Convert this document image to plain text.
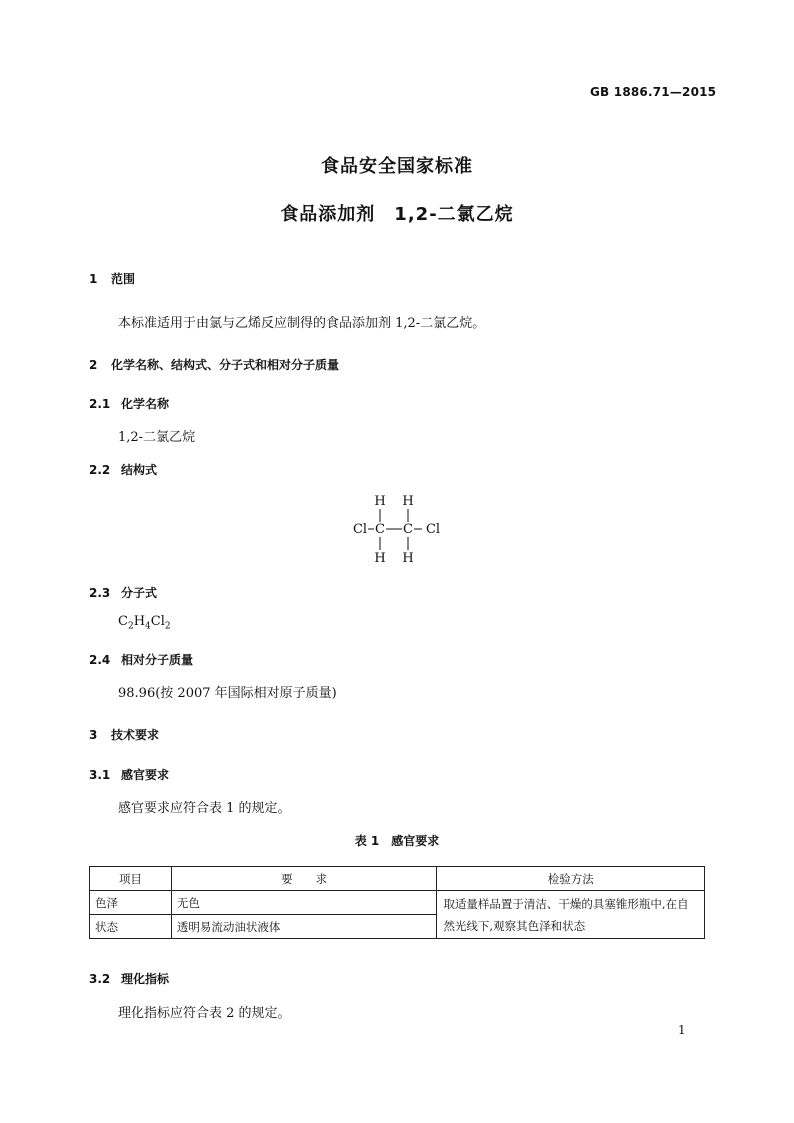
GB 1886.71—2015
食品安全国家标准
食品添加剂　1,2-二氯乙烷
1 范围
本标准适用于由氯与乙烯反应制得的食品添加剂 1,2-二氯乙烷。
2 化学名称、结构式、分子式和相对分子质量
2.1 化学名称
1,2-二氯乙烷
2.2 结构式
H H
Cl C C Cl
H H
2.3 分子式
$C_2H_4Cl_2$
2.4 相对分子质量
98.96(按 2007 年国际相对原子质量)
3 技术要求
3.1 感官要求
感官要求应符合表 1 的规定。
表 1　感官要求
项目	要　　求	检验方法
色泽	无色	取适量样品置于清洁、干燥的具塞锥形瓶中,在自然光线下,观察其色泽和状态
状态	透明易流动油状液体	
3.2 理化指标
理化指标应符合表 2 的规定。
1
